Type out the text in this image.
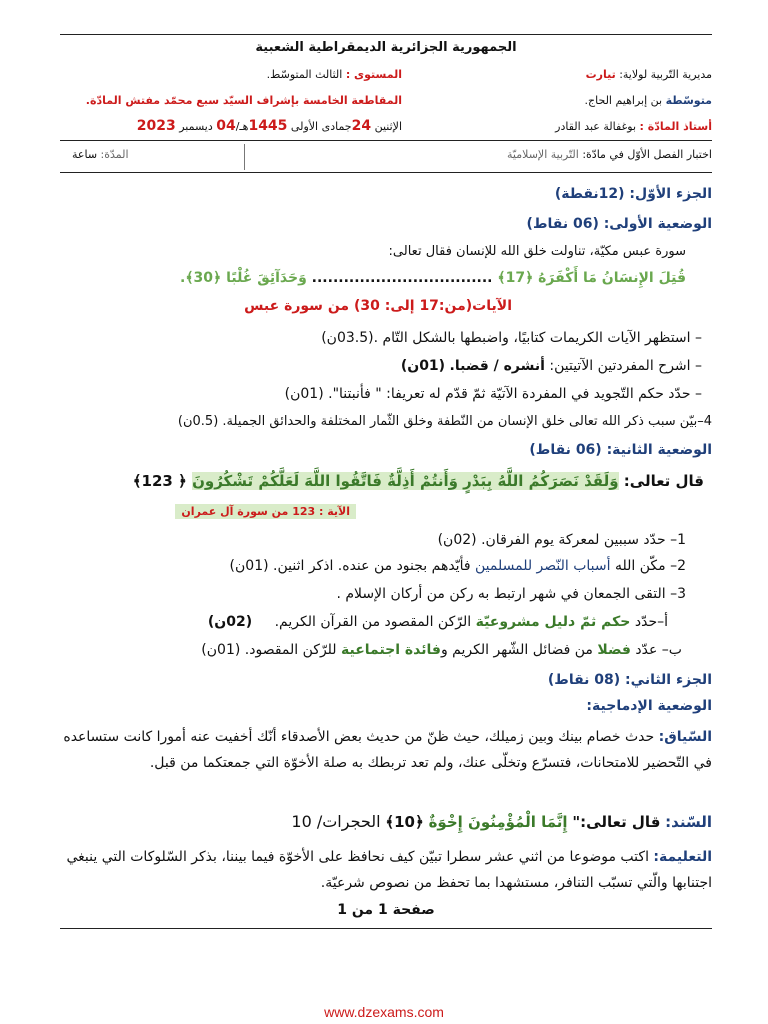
الجمهورية الجزائرية الديمقراطية الشعبية
مديرية التّربية لولاية: تيارت
متوسّطة بن إبراهيم الحاج.
أستاذ المادّة : بوغفالة عبد القادر
المستوى : الثالث المتوسّط.
المقاطعة الخامسة بإشراف السيّد سبع محمّد مفتش المادّة.
الإثنين 24جمادى الأولى 1445هـ/04 ديسمبر 2023
اختبار الفصل الأوّل في مادّة: التّربية الإسلاميّة
المدّة: ساعة
الجزء الأوّل: (12نقطة)
الوضعية الأولى: (06 نقاط)
سورة عبس مكيّة، تناولت خلق الله للإنسان فقال تعالى:
قُتِلَ الإِنسَانُ مَا أَكْفَرَهُ ﴿17﴾ .................................. وَحَدَآئِقَ غُلْبًا ﴿30﴾.
الآيات(من:17 إلى: 30) من سورة عبس
– استظهر الآيات الكريمات كتابيًا، واضبطها بالشكل التّام .(03.5ن)
– اشرح المفردتين الآتيتين: أنشره / قضبا. (01ن)
– حدّد حكم التّجويد في المفردة الآتيّة ثمّ قدّم له تعريفا: " فأنبتنا". (01ن)
4–بيّن سبب ذكر الله تعالى خلق الإنسان من النّطفة وخلق الثّمار المختلفة والحدائق الجميلة. (0.5ن)
الوضعية الثانية: (06 نقاط)
قال تعالى: وَلَقَدْ نَصَرَكُمُ اللَّهُ بِبَدْرٍ وَأَنتُمْ أَذِلَّةٌ فَاتَّقُوا اللَّهَ لَعَلَّكُمْ تَشْكُرُونَ ﴿ 123﴾
الآية : 123 من سورة آل عمران
1– حدّد سببين لمعركة يوم الفرقان. (02ن)
2– مكّن الله أسباب النّصر للمسلمين فأيّدهم بجنود من عنده. اذكر اثنين. (01ن)
3– التقى الجمعان في شهر ارتبط به ركن من أركان الإسلام .
أ–حدّد حكم ثمّ دليل مشروعيّة الرّكن المقصود من القرآن الكريم. (02ن)
ب– عدّد فضلا من فضائل الشّهر الكريم وفائدة اجتماعية للرّكن المقصود. (01ن)
الجزء الثاني: (08 نقاط)
الوضعية الإدماجية:
السّياق: حدث خصام بينك وبين زميلك، حيث ظنّ من حديث بعض الأصدقاء أنّك أخفيت عنه أمورا كانت ستساعده في التّحضير للامتحانات، فتسرّع وتخلّى عنك، ولم تعد تربطك به صلة الأخوّة التي جمعتكما من قبل.
السّند: قال تعالى:" إِنَّمَا الْمُؤْمِنُونَ إِخْوَةٌ ﴿10﴾ الحجرات/ 10
التعليمة: اكتب موضوعا من اثني عشر سطرا تبيّن كيف نحافظ على الأخوّة فيما بيننا، بذكر السّلوكات التي ينبغي اجتنابها والّتي تسبّب التنافر، مستشهدا بما تحفظ من نصوص شرعيّة.
صفحة 1 من 1
www.dzexams.com
